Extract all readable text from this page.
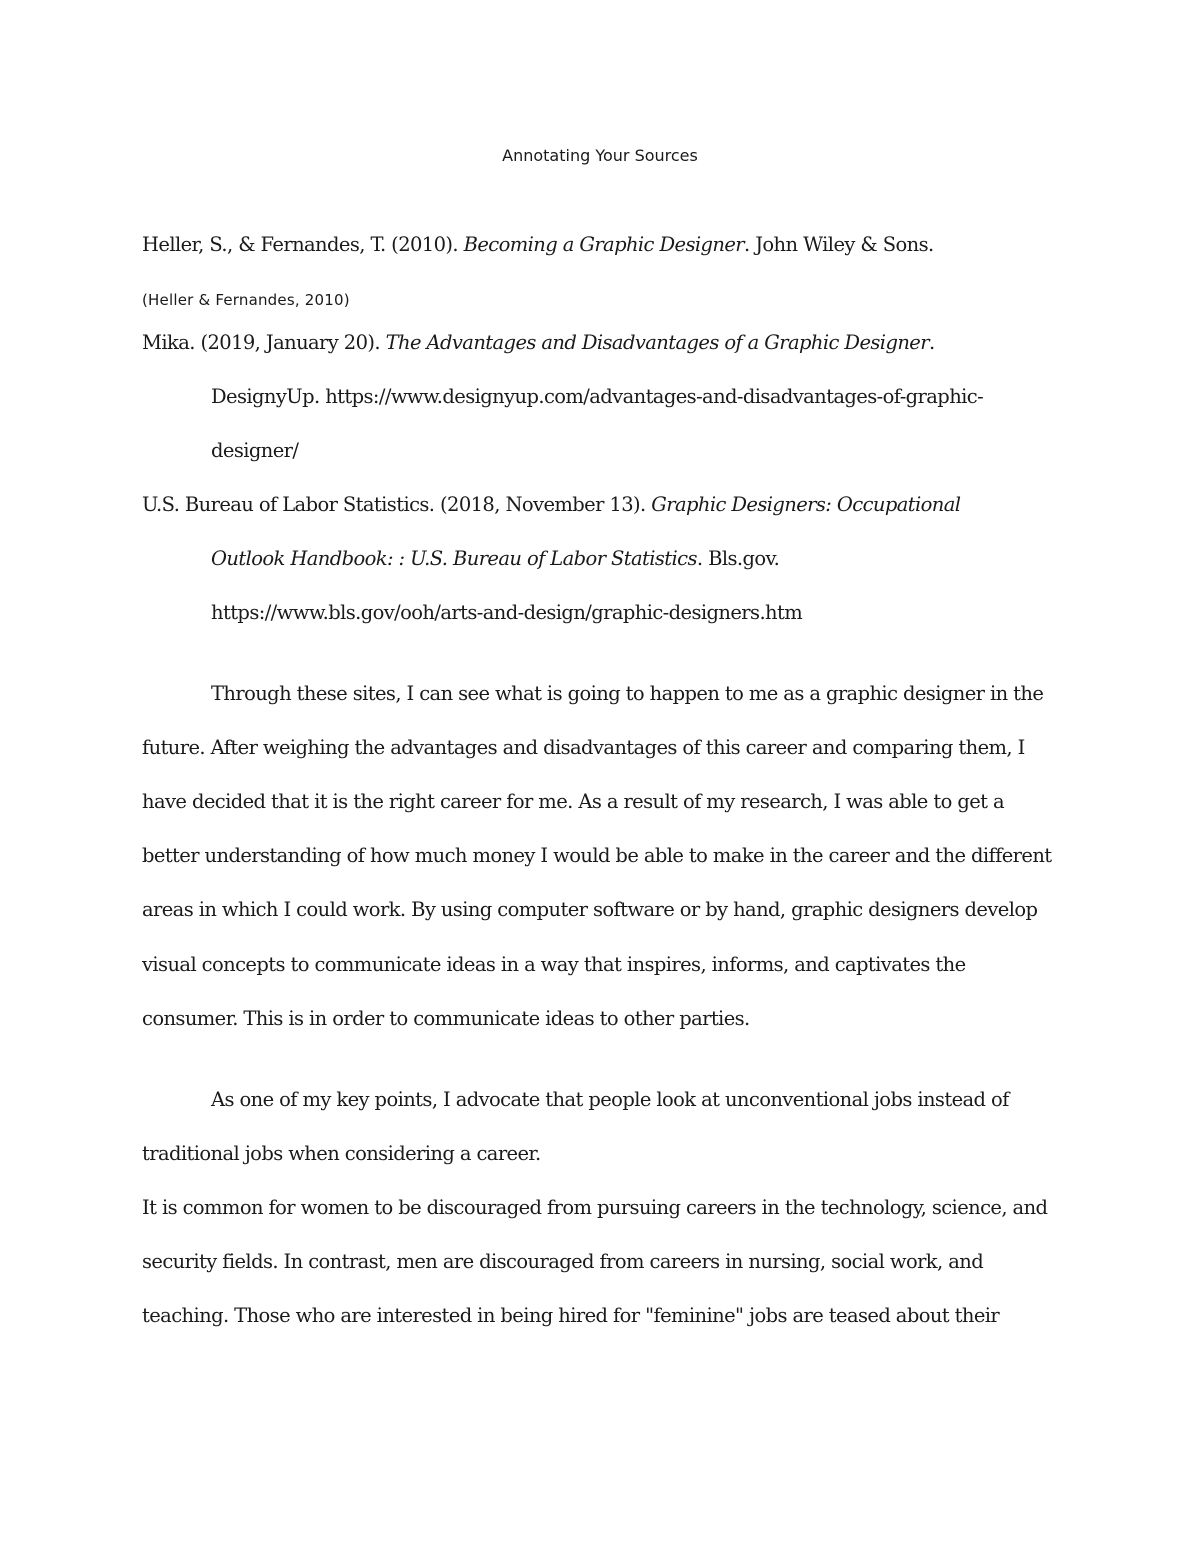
Annotating Your Sources
Heller, S., & Fernandes, T. (2010). Becoming a Graphic Designer. John Wiley & Sons.
(Heller & Fernandes, 2010)
Mika. (2019, January 20). The Advantages and Disadvantages of a Graphic Designer.
DesignyUp. https://www.designyup.com/advantages-and-disadvantages-of-graphic-
designer/
U.S. Bureau of Labor Statistics. (2018, November 13). Graphic Designers: Occupational
Outlook Handbook: : U.S. Bureau of Labor Statistics. Bls.gov.
https://www.bls.gov/ooh/arts-and-design/graphic-designers.htm
Through these sites, I can see what is going to happen to me as a graphic designer in the
future. After weighing the advantages and disadvantages of this career and comparing them, I
have decided that it is the right career for me. As a result of my research, I was able to get a
better understanding of how much money I would be able to make in the career and the different
areas in which I could work. By using computer software or by hand, graphic designers develop
visual concepts to communicate ideas in a way that inspires, informs, and captivates the
consumer. This is in order to communicate ideas to other parties.
As one of my key points, I advocate that people look at unconventional jobs instead of
traditional jobs when considering a career.
It is common for women to be discouraged from pursuing careers in the technology, science, and
security fields. In contrast, men are discouraged from careers in nursing, social work, and
teaching. Those who are interested in being hired for "feminine" jobs are teased about their
